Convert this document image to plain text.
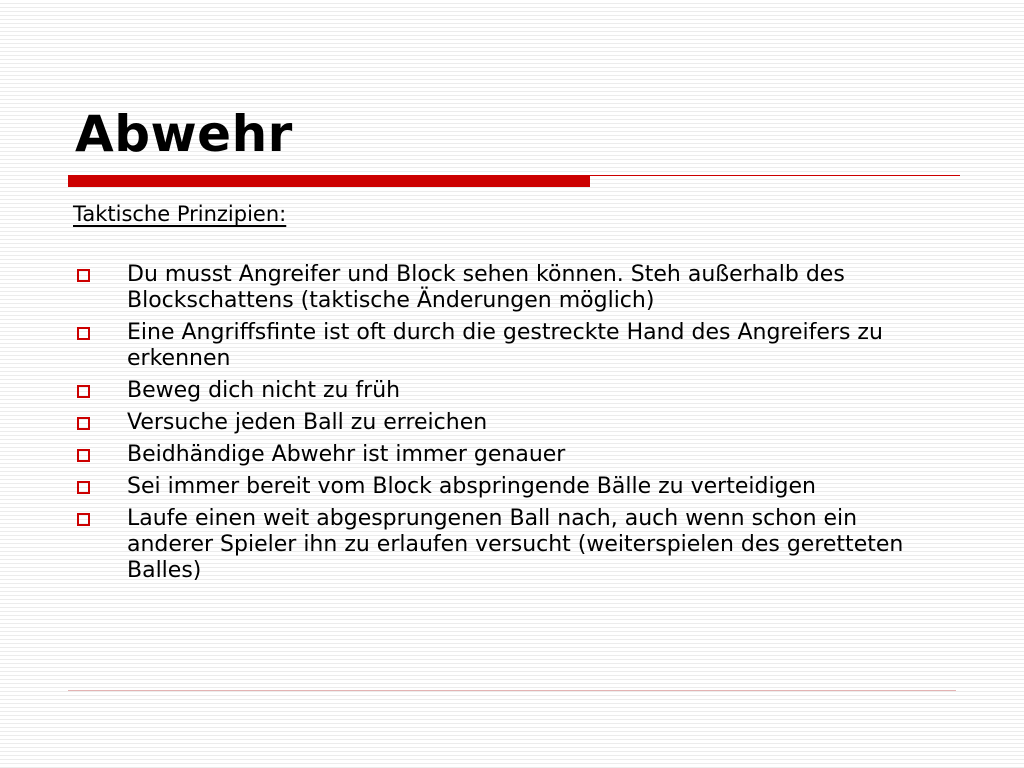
Abwehr

Taktische Prinzipien:

Du musst Angreifer und Block sehen können. Steh außerhalb des Blockschattens (taktische Änderungen möglich)
Eine Angriffsfinte ist oft durch die gestreckte Hand des Angreifers zu erkennen
Beweg dich nicht zu früh
Versuche jeden Ball zu erreichen
Beidhändige Abwehr ist immer genauer
Sei immer bereit vom Block abspringende Bälle zu verteidigen
Laufe einen weit abgesprungenen Ball nach, auch wenn schon ein anderer Spieler ihn zu erlaufen versucht (weiterspielen des geretteten Balles)
